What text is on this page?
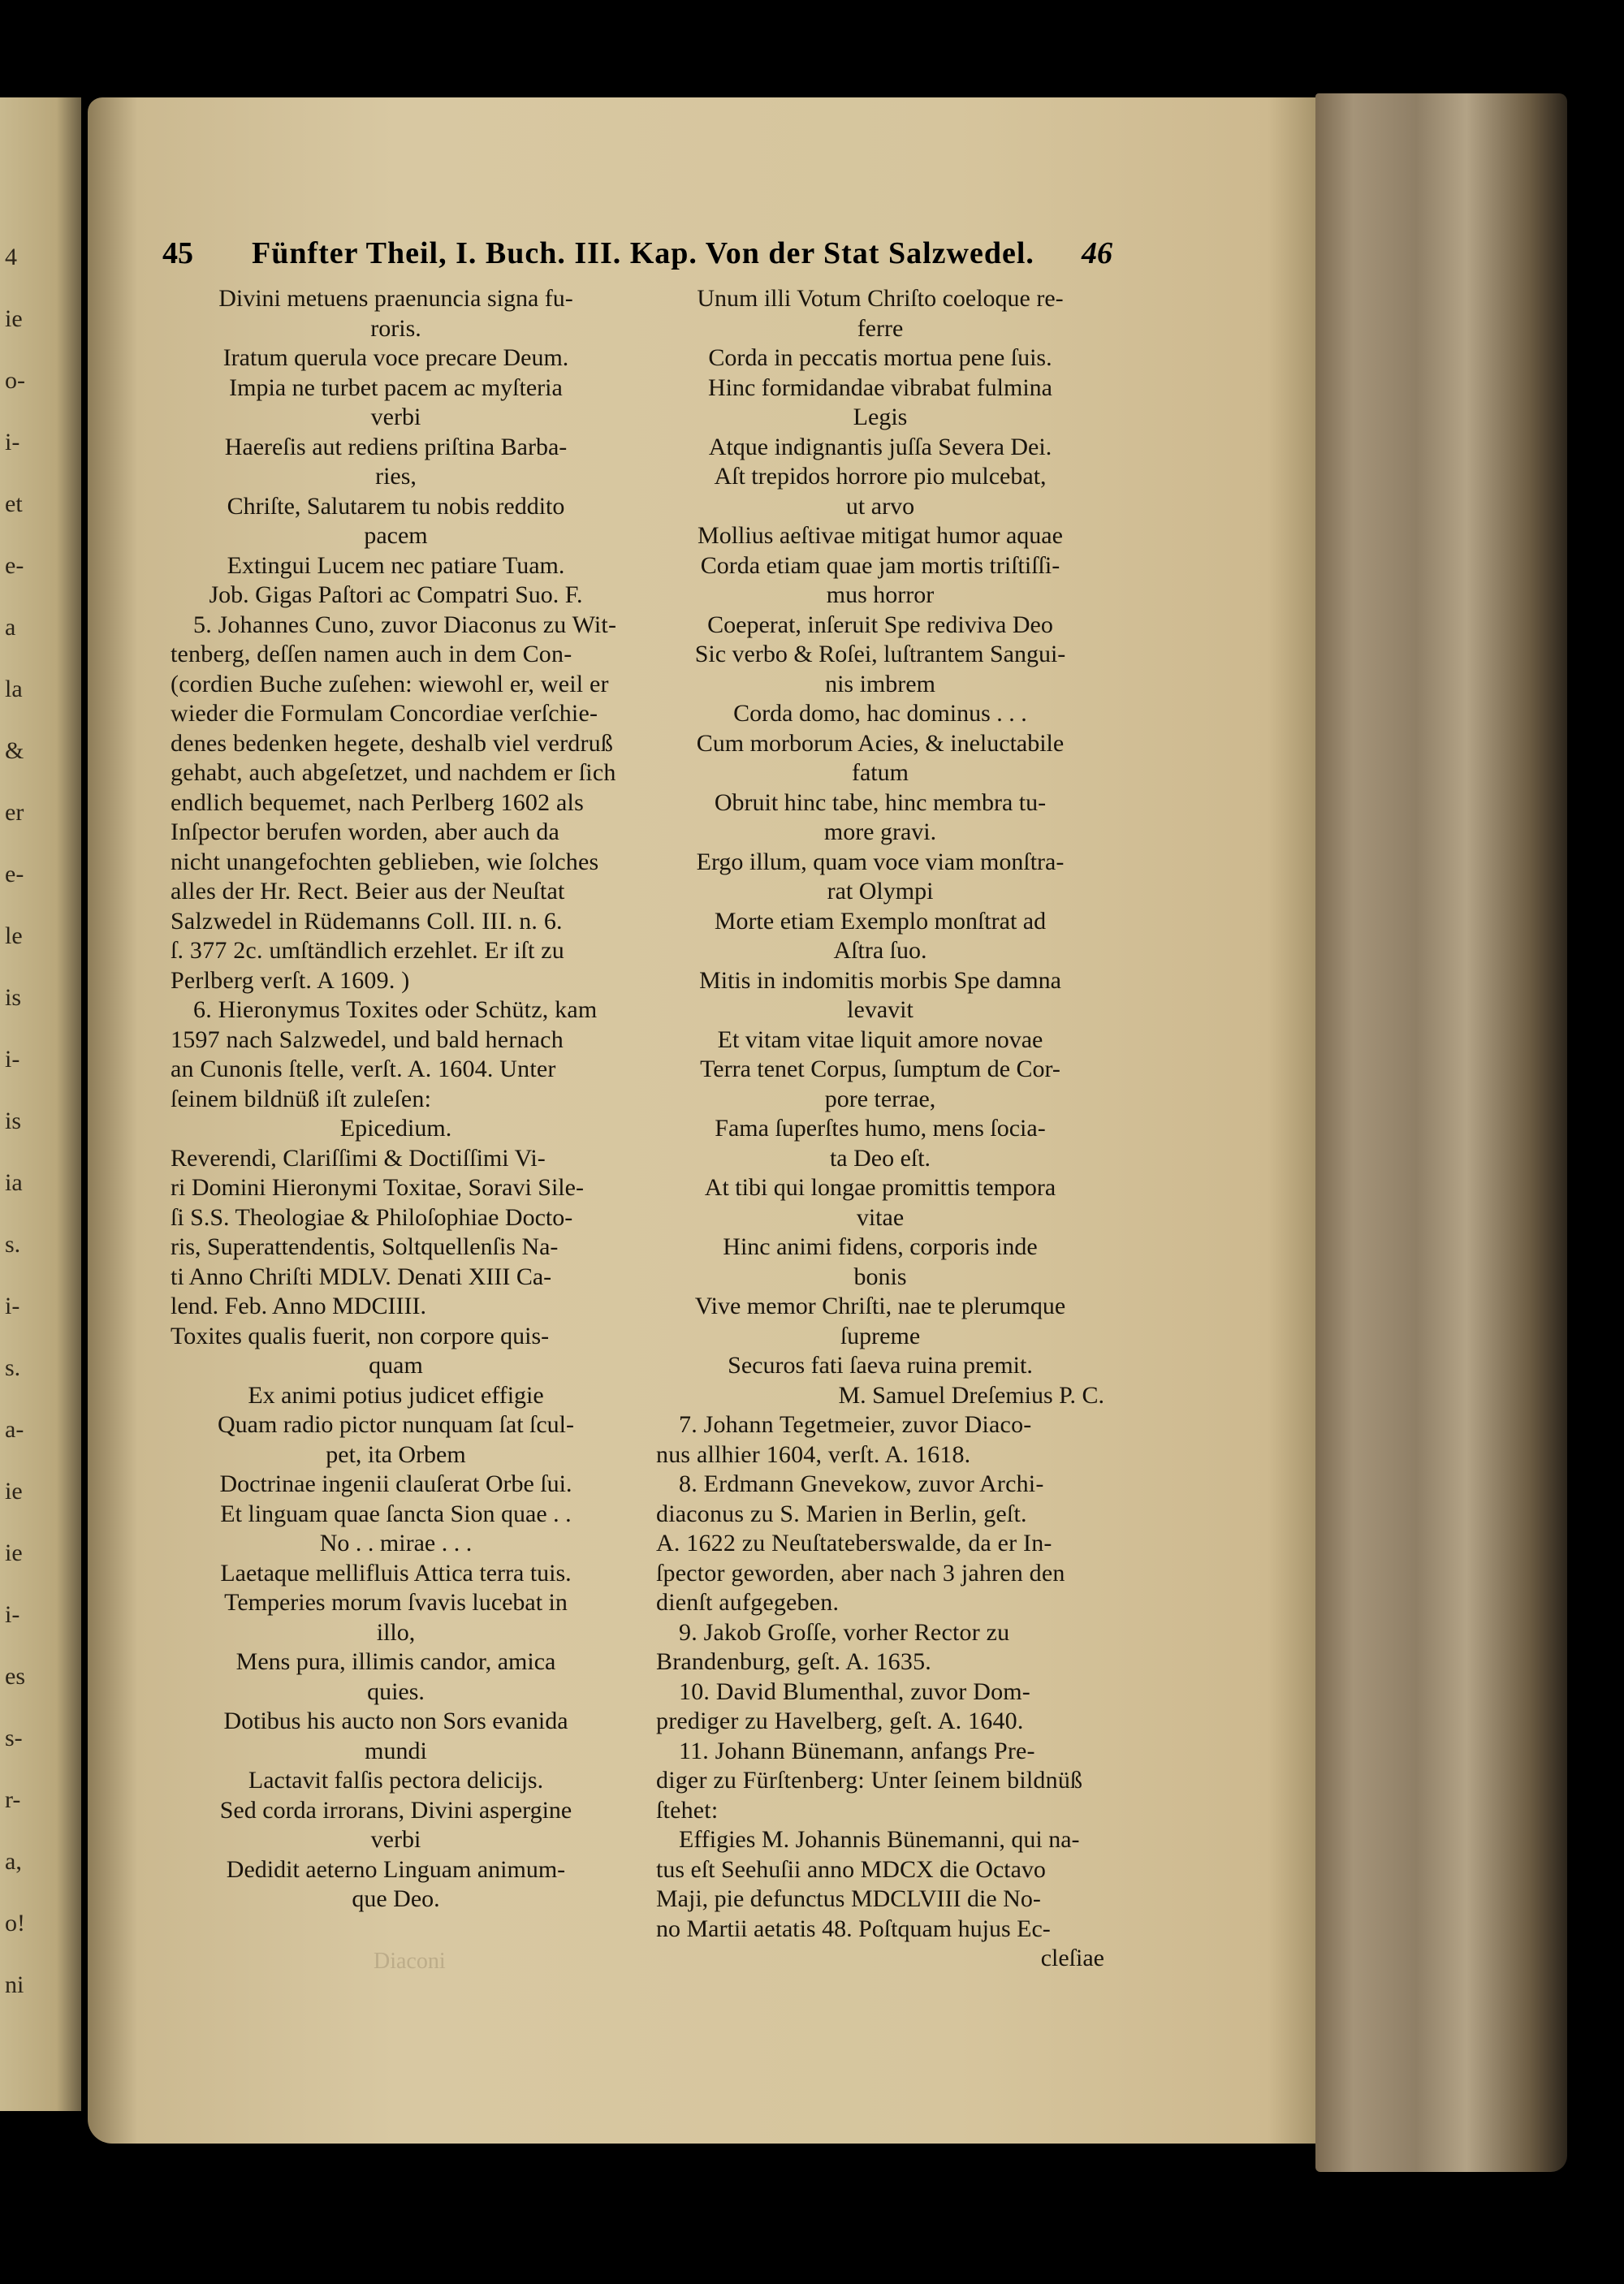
4
ie
o-
i-
et
e-
a
la
&
er
e-
le
is
i-
is
ia
s.
i-
s.
a-
ie
ie
i-
es
s-
r-
a,
o!
ni
45 Fünfter Theil, I. Buch. III. Kap. Von der Stat Salzwedel. 46

Divini metuens praenuncia signa fu-

roris.

Iratum querula voce precare Deum.

Impia ne turbet pacem ac myſteria

verbi

Haereſis aut rediens priſtina Barba-

ries,

Chriſte, Salutarem tu nobis reddito

pacem

Extingui Lucem nec patiare Tuam.

Job. Gigas Paſtori ac Compatri Suo. F.

5. Johannes Cuno, zuvor Diaconus zu Wit-

tenberg, deſſen namen auch in dem Con-

(cordien Buche zuſehen: wiewohl er, weil er

wieder die Formulam Concordiae verſchie-

denes bedenken hegete, deshalb viel verdruß

gehabt, auch abgeſetzet, und nachdem er ſich

endlich bequemet, nach Perlberg 1602 als

Inſpector berufen worden, aber auch da

nicht unangefochten geblieben, wie ſolches

alles der Hr. Rect. Beier aus der Neuſtat

Salzwedel in Rüdemanns Coll. III. n. 6.

ſ. 377 2c. umſtändlich erzehlet. Er iſt zu

Perlberg verſt. A 1609. )

6. Hieronymus Toxites oder Schütz, kam

1597 nach Salzwedel, und bald hernach

an Cunonis ſtelle, verſt. A. 1604. Unter

ſeinem bildnüß iſt zuleſen:

Epicedium.

Reverendi, Clariſſimi & Doctiſſimi Vi-

ri Domini Hieronymi Toxitae, Soravi Sile-

ſi S.S. Theologiae & Philoſophiae Docto-

ris, Superattendentis, Soltquellenſis Na-

ti Anno Chriſti MDLV. Denati XIII Ca-

lend. Feb. Anno MDCIIII.

Toxites qualis fuerit, non corpore quis-

quam

Ex animi potius judicet effigie

Quam radio pictor nunquam ſat ſcul-

pet, ita Orbem

Doctrinae ingenii clauſerat Orbe ſui.

Et linguam quae ſancta Sion quae . .

No . . mirae . . .

Laetaque mellifluis Attica terra tuis.

Temperies morum ſvavis lucebat in

illo,

Mens pura, illimis candor, amica

quies.

Dotibus his aucto non Sors evanida

mundi

Lactavit falſis pectora delicijs.

Sed corda irrorans, Divini aspergine

verbi

Dedidit aeterno Linguam animum-

que Deo.

Unum illi Votum Chriſto coeloque re-

ferre

Corda in peccatis mortua pene ſuis.

Hinc formidandae vibrabat fulmina

Legis

Atque indignantis juſſa Severa Dei.

Aſt trepidos horrore pio mulcebat,

ut arvo

Mollius aeſtivae mitigat humor aquae

Corda etiam quae jam mortis triſtiſſi-

mus horror

Coeperat, inſeruit Spe rediviva Deo

Sic verbo & Roſei, luſtrantem Sangui-

nis imbrem

Corda domo, hac dominus . . .

Cum morborum Acies, & ineluctabile

fatum

Obruit hinc tabe, hinc membra tu-

more gravi.

Ergo illum, quam voce viam monſtra-

rat Olympi

Morte etiam Exemplo monſtrat ad

Aſtra ſuo.

Mitis in indomitis morbis Spe damna

levavit

Et vitam vitae liquit amore novae

Terra tenet Corpus, ſumptum de Cor-

pore terrae,

Fama ſuperſtes humo, mens ſocia-

ta Deo eſt.

At tibi qui longae promittis tempora

vitae

Hinc animi fidens, corporis inde

bonis

Vive memor Chriſti, nae te plerumque

ſupreme

Securos fati ſaeva ruina premit.

M. Samuel Dreſemius P. C.

7. Johann Tegetmeier, zuvor Diaco-

nus allhier 1604, verſt. A. 1618.

8. Erdmann Gnevekow, zuvor Archi-

diaconus zu S. Marien in Berlin, geſt.

A. 1622 zu Neuſtateberswalde, da er In-

ſpector geworden, aber nach 3 jahren den

dienſt aufgegeben.

9. Jakob Groſſe, vorher Rector zu

Brandenburg, geſt. A. 1635.

10. David Blumenthal, zuvor Dom-

prediger zu Havelberg, geſt. A. 1640.

11. Johann Bünemann, anfangs Pre-

diger zu Fürſtenberg: Unter ſeinem bildnüß

ſtehet:

Effigies M. Johannis Bünemanni, qui na-

tus eſt Seehuſii anno MDCX die Octavo

Maji, pie defunctus MDCLVIII die No-

no Martii aetatis 48. Poſtquam hujus Ec-

cleſiae

Diaconi
